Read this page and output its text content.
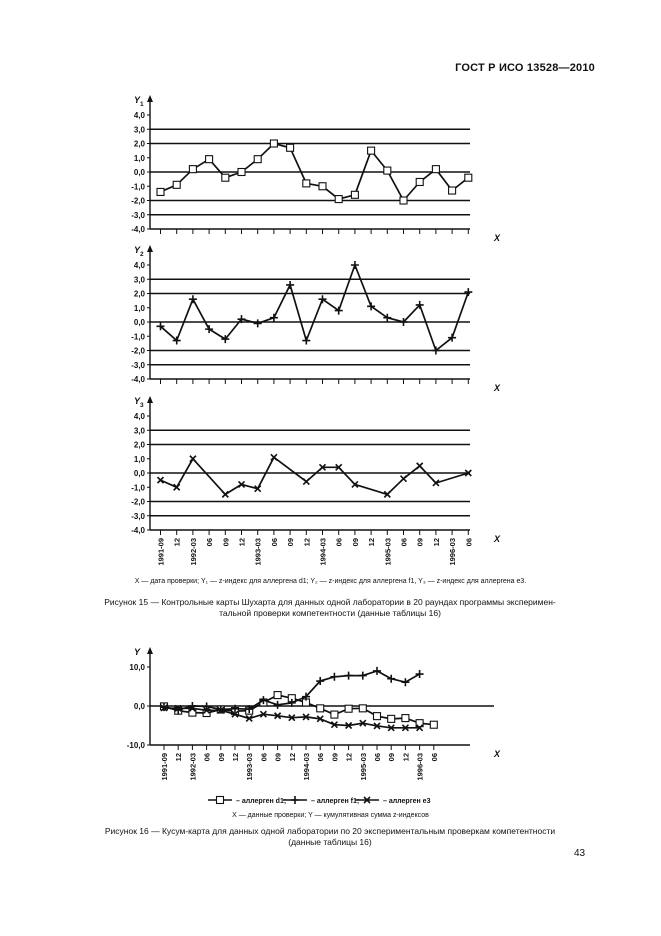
ГОСТ Р ИСО 13528—2010
4,0
3,0
2,0
1,0
0,0
-1,0
-2,0
-3,0
-4,0
Y 1
X
4,0
3,0
2,0
1,0
0,0
-1,0
-2,0
-3,0
-4,0
Y 2
X
4,0
3,0
2,0
1,0
0,0
-1,0
-2,0
-3,0
-4,0
Y 3
X
1991-09 12 1992-03 06 09 12 1993-03 06 09 12 1994-03 06 09 12 1995-03 06 09 12 1996-03 06
10,0
0,0
-10,0
Y
X
1991-09 12 1992-03 06 09 12 1993-03 06 09 12 1994-03 06 09 12 1995-03 06 09 12 1996-03 06
– аллерген d1;	– аллерген f1;	– аллерген e3
X — дата проверки; Y₁ — z-индекс для аллергена d1; Y₂ — z-индекс для аллергена f1, Y₃ — z-индекс для аллергена e3.
Рисунок 15 — Контрольные карты Шухарта для данных одной лаборатории в 20 раундах программы эксперимен-
тальной проверки компетентности (данные таблицы 16)
X — данные проверки; Y — кумулятивная сумма z-индексов
Рисунок 16 — Кусум-карта для данных одной лаборатории по 20 экспериментальным проверкам компетентности
(данные таблицы 16)
43
